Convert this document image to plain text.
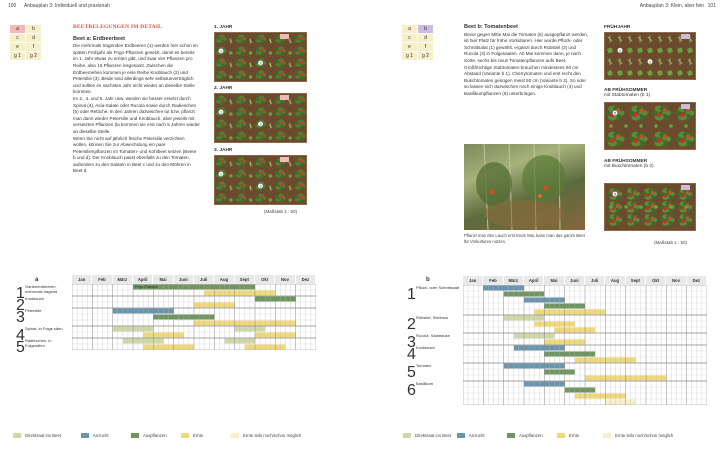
100 Anbauplan 3: Individuell und praxisnah
a	b
c	d
e	f
g 1	g 2
BEETBELEGUNGEN IM DETAIL
Beet a: Erdbeerbeet

Die mehrmals tragenden Erdbeeren (1) werden hier schon im späten Frühjahr als Frigo-Pflanzen gesetzt, damit es bereits im 1. Jahr etwas zu ernten gibt, und zwar vier Pflanzen pro Reihe, also 16 Pflanzen insgesamt. Zwischen die Erdbeerreihen kommen je eine Reihe Knoblauch (2) und Petersilie (3). Beide sind allerdings sehr selbstunverträglich und sollten im nächsten Jahr nicht wieder an dieselbe Stelle kommen.

Im 2., 4. und 6. Jahr usw. werden sie besser ersetzt durch Spinat (4), Asia-Salate oder Rucola sowie durch Radieschen (5) oder Rettiche. In den Jahren dazwischen tut bzw. pflanzt man dann wieder Petersilie und Knoblauch, aber jeweils mit versetzten Pflanzen (la kommen sie erst nach 5 Jahren wieder an dieselbe Stelle.

Wenn Sie nicht auf jährlich frische Petersilie verzichten wollen, können Sie zur Abwechslung ein paar Petersilienpflanzen im Tomaten- und Kohlbeet setzen (Beete b und d). Der Knoblauch passt ebenfalls zu den Tomaten, außerdem zu den Salaten in Beet c und zu den Möhren in Beet d.

1. JAHR
1
3
2. JAHR
1
3
3. JAHR
1
3
(Maßstab 1 : 50)
a	Jan	Feb	März	April	Mai	Juni	Juli	Aug	Sept	Okt	Nov	Dez
Frigo-Pflanzen
Direktsaat ins Beet	Anzucht	Auspflanzen	Ernte	Ernte teils noch/schon möglich
1 Gartenerdbeeren, mehrmals tragend
2 Knoblauch
3 Petersilie
4 Spinat, in Folge säen
5 Radieschen, in Folgesäten
Anbauplan 3: Klein, aber fein 101
a	b
c	d
e	f
g 1	g 2
Beet b: Tomatenbeet

Bevor gegen Mitte Mai die Tomaten (5) ausgepflanzt werden, ist hier Platz für frühe Vorkulturen. Hier wurde Pflück- oder Schnittsalat (1) gewählt, ergänzt durch Rübstiel (2) und Rucola (3) in Folgesaaten. Ab Mai kommen dann, je nach Sorte, sechs bis neun Tomatenpflanzen aufs Beet. Großfrüchtige Stabtomaten brauchen mindestens 60 cm Abstand (Variante b 1). Cherrytomaten und erst recht den Buschtomaten genügen meist 50 cm (Variante b 2). So oder so lassen sich dazwischen noch einige Knoblauch (4) und Basilikumpflanzen (6) unterbringen.

Pflanzt man den Lauch erst Ende Mai, kann man das ganze Beet für Vorkulturen nutzen.
FRÜHJAHR
1
2
AB FRÜHSOMMER
mit Stabtomaten (b 1)
5
AB FRÜHSOMMER
mit Buschtomaten (b 2)
5
(Maßstab 1 : 50)
b	Jan	Feb	März	April	Mai	Juni	Juli	Aug	Sept	Okt	Nov	Dez
Direktsaat ins Beet	Anzucht	Auspflanzen	Ernte	Ernte teils noch/schon möglich
1 Pflück- oder Schnittsalat
2 Rübstiel, Stielmus
3 Rucola, Salatrauke
4 Knoblauch
5 Tomaten
6 Basilikum
